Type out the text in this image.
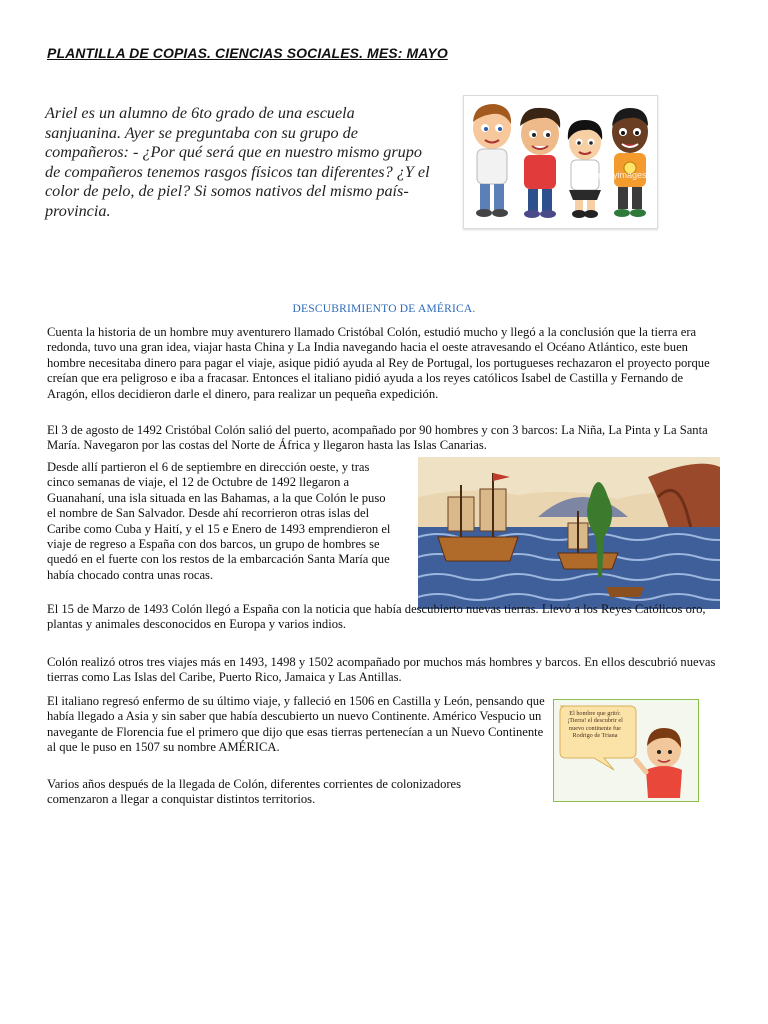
PLANTILLA DE COPIAS. CIENCIAS SOCIALES. MES: MAYO
Ariel es un alumno de 6to grado de una escuela sanjuanina. Ayer se preguntaba con su grupo de compañeros: - ¿Por qué será que en nuestro mismo grupo de compañeros tenemos rasgos físicos tan diferentes? ¿Y el color de pelo, de piel? Si somos nativos del mismo país-provincia.
gettyimages
DESCUBRIMIENTO DE AMÉRICA.
Cuenta la historia de un hombre muy aventurero llamado Cristóbal Colón, estudió mucho y llegó a la conclusión que la tierra era redonda, tuvo una gran idea, viajar hasta China y La India navegando hacia el oeste atravesando el Océano Atlántico, este buen hombre necesitaba dinero para pagar el viaje, asique pidió ayuda al Rey de Portugal, los portugueses rechazaron el proyecto porque creían que era peligroso e iba a fracasar. Entonces el italiano pidió ayuda a los reyes católicos Isabel de Castilla y Fernando de Aragón, ellos decidieron darle el dinero, para realizar un pequeña expedición.
El 3 de agosto de 1492 Cristóbal Colón salió del puerto, acompañado por 90 hombres y con 3 barcos: La Niña, La Pinta y La Santa María. Navegaron por las costas del Norte de África y llegaron hasta las Islas Canarias.
Desde allí partieron el 6 de septiembre en dirección oeste, y tras cinco semanas de viaje, el 12 de Octubre de 1492 llegaron a Guanahaní, una isla situada en las Bahamas, a la que Colón le puso el nombre de San Salvador. Desde ahí recorrieron otras islas del Caribe como Cuba y Haití, y el 15 e Enero de 1493 emprendieron el viaje de regreso a España con dos barcos, un grupo de hombres se quedó en el fuerte con los restos de la embarcación Santa María que había chocado contra unas rocas.
El 15 de Marzo de 1493 Colón llegó a España con la noticia que había descubierto nuevas tierras. Llevó a los Reyes Católicos oro, plantas y animales desconocidos en Europa y varios indios.
Colón realizó otros tres viajes más en 1493, 1498 y 1502 acompañado por muchos más hombres y barcos. En ellos descubrió nuevas tierras como Las Islas del Caribe, Puerto Rico, Jamaica y Las Antillas.
El italiano regresó enfermo de su último viaje, y falleció en 1506 en Castilla y León, pensando que había llegado a Asia y sin saber que había descubierto un nuevo Continente. Américo Vespucio un navegante de Florencia fue el primero que dijo que esas tierras pertenecían a un Nuevo Continente al que le puso en 1507 su nombre AMÉRICA.
Varios años después de la llegada de Colón, diferentes corrientes de colonizadores comenzaron a llegar a conquistar distintos territorios.
El hombre que gritó: ¡Tierra! el descubrir el nuevo continente fue Rodrigo de Triana
